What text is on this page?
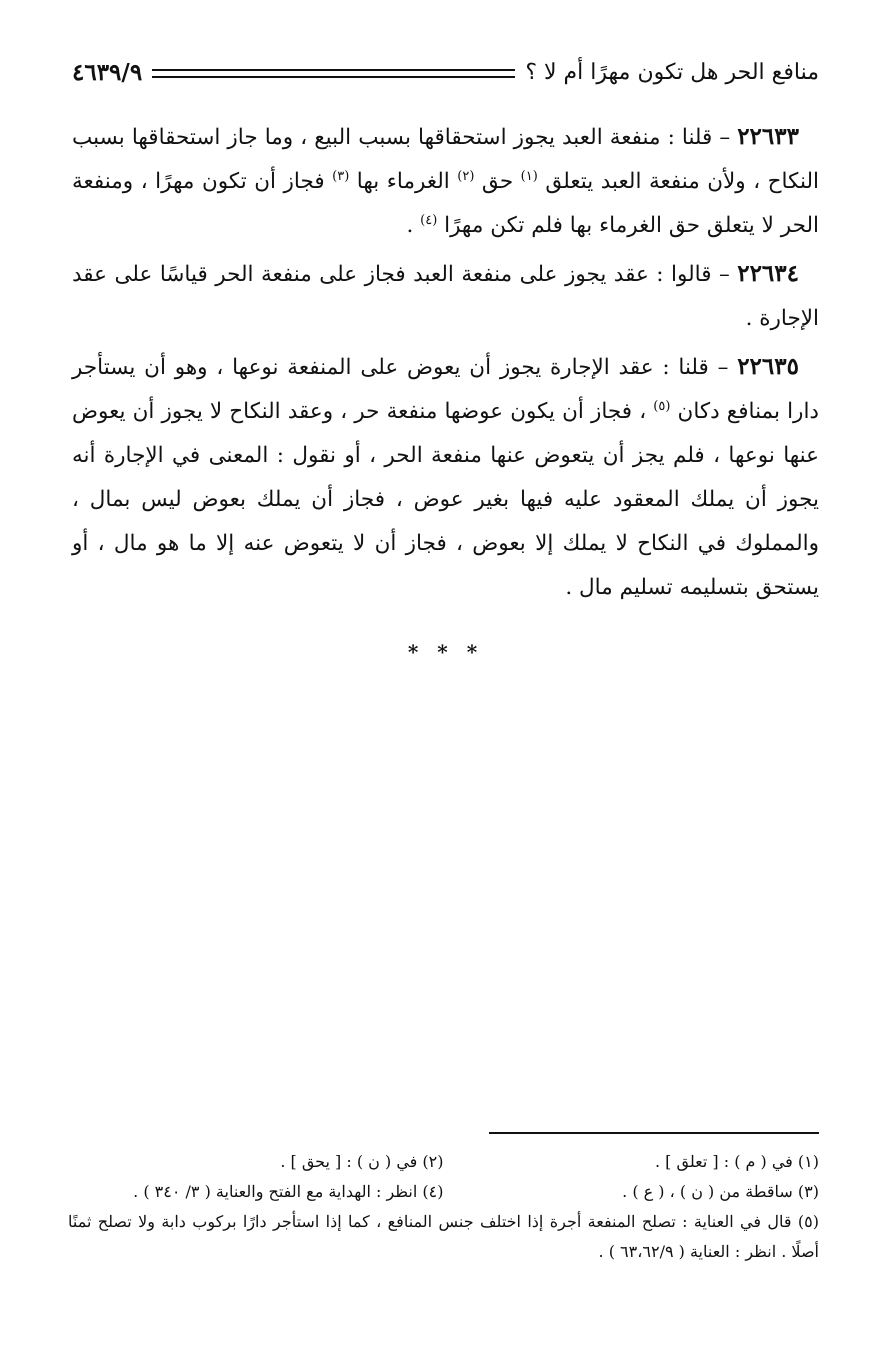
منافع الحر هل تكون مهرًا أم لا ؟
٤٦٣٩/٩

٢٢٦٣٣ – قلنا : منفعة العبد يجوز استحقاقها بسبب البيع ، وما جاز استحقاقها بسبب النكاح ، ولأن منفعة العبد يتعلق $^{(١)}$ حق $^{(٢)}$ الغرماء بها $^{(٣)}$ فجاز أن تكون مهرًا ، ومنفعة الحر لا يتعلق حق الغرماء بها فلم تكن مهرًا $^{(٤)}$ .

٢٢٦٣٤ – قالوا : عقد يجوز على منفعة العبد فجاز على منفعة الحر قياسًا على عقد الإجارة .

٢٢٦٣٥ – قلنا : عقد الإجارة يجوز أن يعوض على المنفعة نوعها ، وهو أن يستأجر دارا بمنافع دكان $^{(٥)}$ ، فجاز أن يكون عوضها منفعة حر ، وعقد النكاح لا يجوز أن يعوض عنها نوعها ، فلم يجز أن يتعوض عنها منفعة الحر ، أو نقول : المعنى في الإجارة أنه يجوز أن يملك المعقود عليه فيها بغير عوض ، فجاز أن يملك بعوض ليس بمال ، والمملوك في النكاح لا يملك إلا بعوض ، فجاز أن لا يتعوض عنه إلا ما هو مال ، أو يستحق بتسليمه تسليم مال .

* * *
(١) في ( م ) : [ تعلق ] .
(٢) في ( ن ) : [ يحق ] .
(٣) ساقطة من ( ن ) ، ( ع ) .
(٤) انظر : الهداية مع الفتح والعناية ( ٣/ ٣٤٠ ) .
(٥) قال في العناية : تصلح المنفعة أجرة إذا اختلف جنس المنافع ، كما إذا استأجر دارًا بركوب دابة ولا تصلح ثمنًا أصلًا . انظر : العناية ( ٦٣،٦٢/٩ ) .
